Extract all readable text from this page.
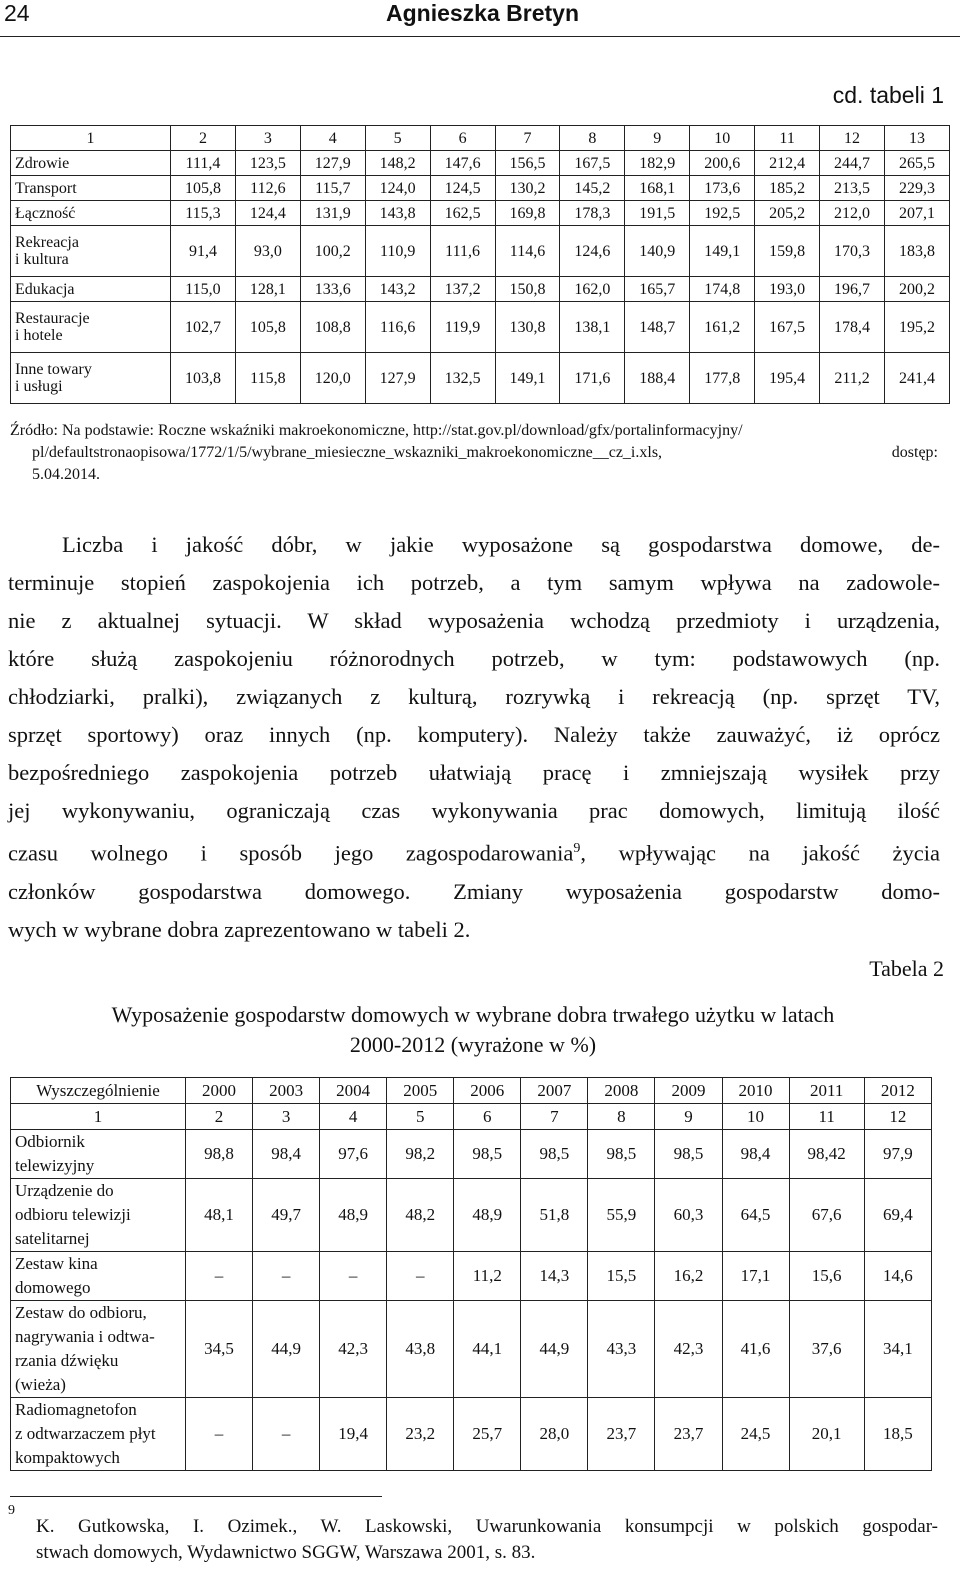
24	Agnieszka Bretyn
cd. tabeli 1
1	2	3	4	5	6	7	8	9	10	11	12	13

Zdrowie	111,4	123,5	127,9	148,2	147,6	156,5	167,5	182,9	200,6	212,4	244,7	265,5

Transport	105,8	112,6	115,7	124,0	124,5	130,2	145,2	168,1	173,6	185,2	213,5	229,3

Łączność	115,3	124,4	131,9	143,8	162,5	169,8	178,3	191,5	192,5	205,2	212,0	207,1

Rekreacja
i kultura	91,4	93,0	100,2	110,9	111,6	114,6	124,6	140,9	149,1	159,8	170,3	183,8

Edukacja	115,0	128,1	133,6	143,2	137,2	150,8	162,0	165,7	174,8	193,0	196,7	200,2

Restauracje
i hotele	102,7	105,8	108,8	116,6	119,9	130,8	138,1	148,7	161,2	167,5	178,4	195,2

Inne towary
i usługi	103,8	115,8	120,0	127,9	132,5	149,1	171,6	188,4	177,8	195,4	211,2	241,4
Źródło: Na podstawie: Roczne wskaźniki makroekonomiczne, http://stat.gov.pl/download/gfx/portalinformacyjny/
pl/defaultstronaopisowa/1772/1/5/wybrane_miesieczne_wskazniki_makroekonomiczne__cz_i.xls,	dostęp:
5.04.2014.
Liczba i jakość dóbr, w jakie wyposażone są gospodarstwa domowe, de-
terminuje stopień zaspokojenia ich potrzeb, a tym samym wpływa na zadowole-
nie z aktualnej sytuacji. W skład wyposażenia wchodzą przedmioty i urządzenia,
które służą zaspokojeniu różnorodnych potrzeb, w tym: podstawowych (np.
chłodziarki, pralki), związanych z kulturą, rozrywką i rekreacją (np. sprzęt TV,
sprzęt sportowy) oraz innych (np. komputery). Należy także zauważyć, iż oprócz
bezpośredniego zaspokojenia potrzeb ułatwiają pracę i zmniejszają wysiłek przy
jej wykonywaniu, ograniczają czas wykonywania prac domowych, limitują ilość
czasu wolnego i sposób jego zagospodarowania$^9$, wpływając na jakość życia
członków gospodarstwa domowego. Zmiany wyposażenia gospodarstw domo-
wych w wybrane dobra zaprezentowano w tabeli 2.
Tabela 2
Wyposażenie gospodarstw domowych w wybrane dobra trwałego użytku w latach
2000-2012 (wyrażone w %)
Wyszczególnienie	2000	2003	2004	2005	2006	2007	2008	2009	2010	2011	2012
1	2	3	4	5	6	7	8	9	10	11	12

Odbiornik
telewizyjny	98,8	98,4	97,6	98,2	98,5	98,5	98,5	98,5	98,4	98,42	97,9

Urządzenie do
odbioru telewizji
satelitarnej	48,1	49,7	48,9	48,2	48,9	51,8	55,9	60,3	64,5	67,6	69,4

Zestaw kina
domowego	–	–	–	–	11,2	14,3	15,5	16,2	17,1	15,6	14,6

Zestaw do odbioru,
nagrywania i odtwa-
rzania dźwięku
(wieża)	34,5	44,9	42,3	43,8	44,1	44,9	43,3	42,3	41,6	37,6	34,1

Radiomagnetofon
z odtwarzaczem płyt
kompaktowych	–	–	19,4	23,2	25,7	28,0	23,7	23,7	24,5	20,1	18,5
9
K. Gutkowska, I. Ozimek., W. Laskowski, Uwarunkowania konsumpcji w polskich gospodar-
stwach domowych, Wydawnictwo SGGW, Warszawa 2001, s. 83.
